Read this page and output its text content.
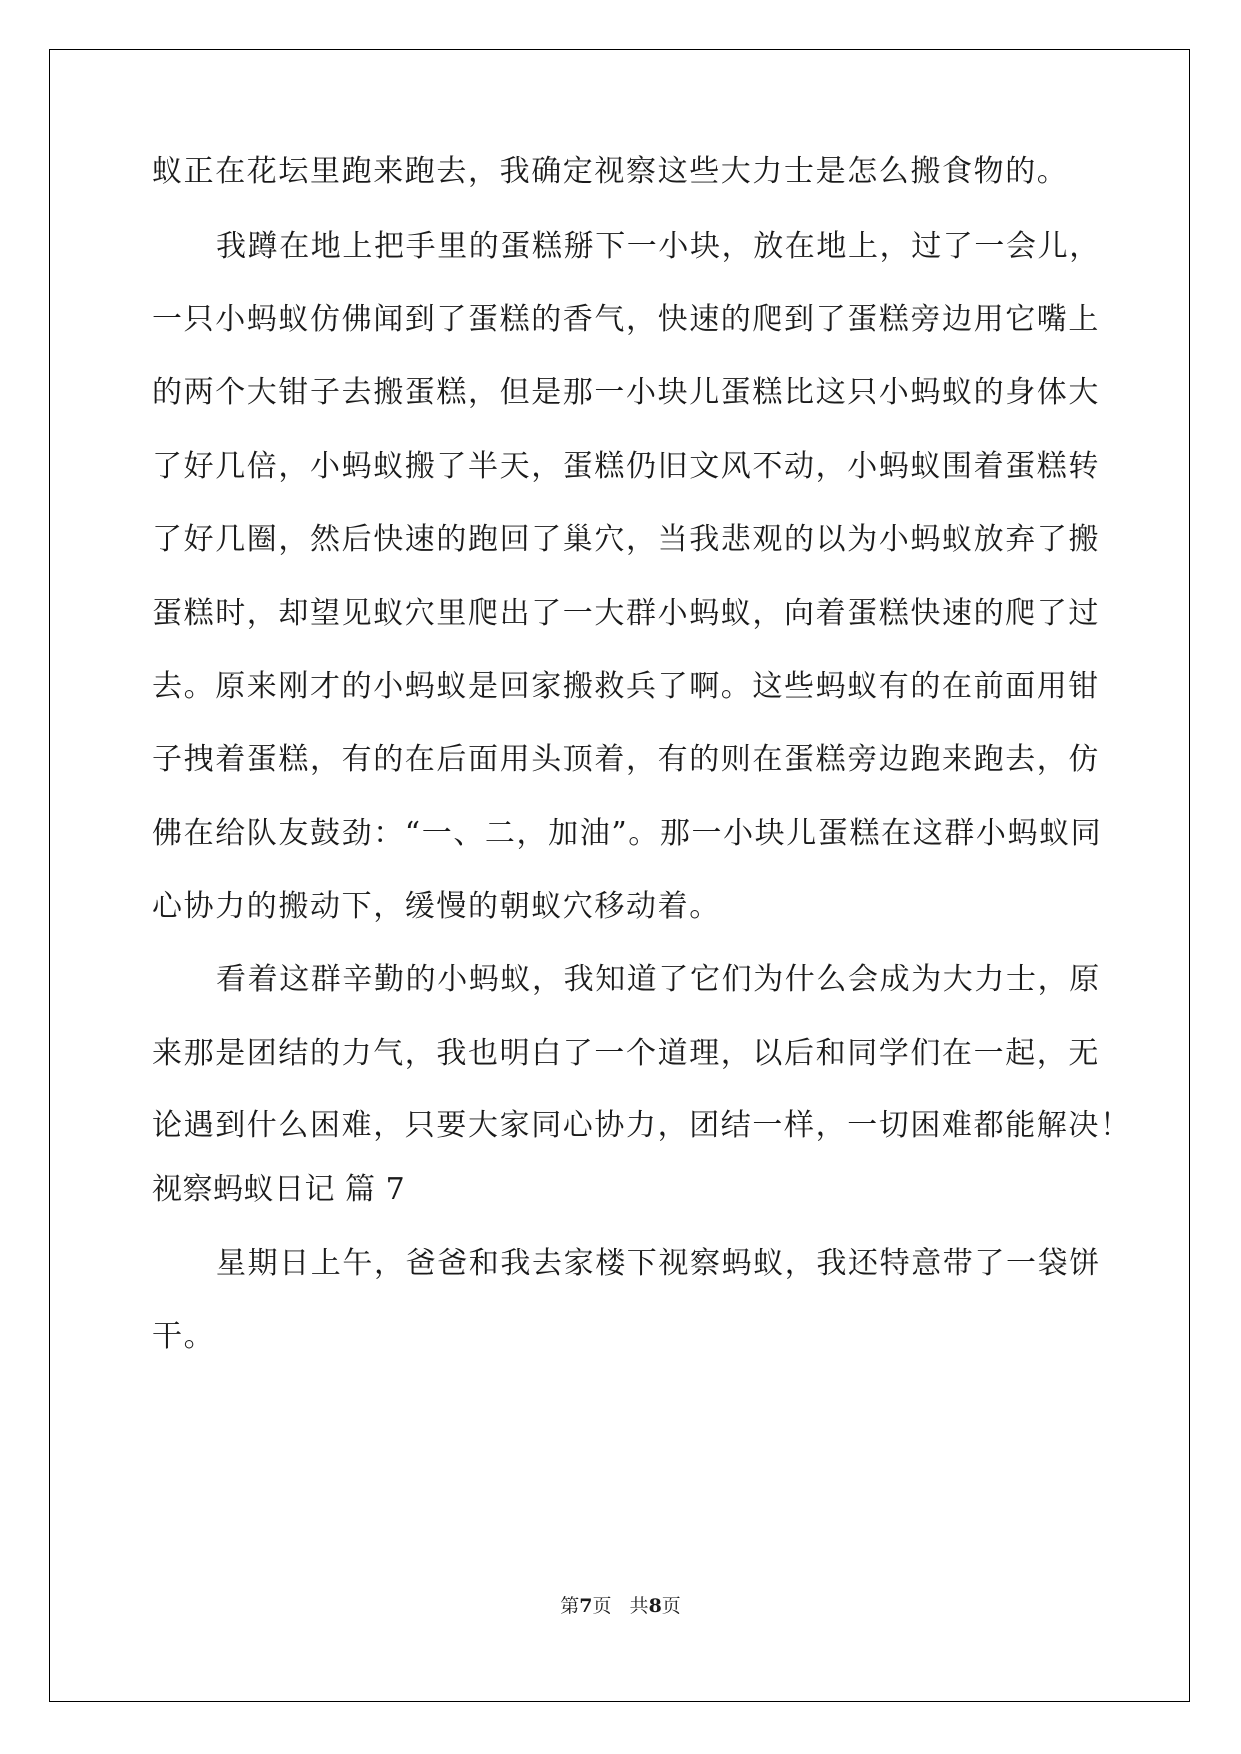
蚁正在花坛里跑来跑去，我确定视察这些大力士是怎么搬食物的。
我蹲在地上把手里的蛋糕掰下一小块，放在地上，过了一会儿，
一只小蚂蚁仿佛闻到了蛋糕的香气，快速的爬到了蛋糕旁边用它嘴上
的两个大钳子去搬蛋糕，但是那一小块儿蛋糕比这只小蚂蚁的身体大
了好几倍，小蚂蚁搬了半天，蛋糕仍旧文风不动，小蚂蚁围着蛋糕转
了好几圈，然后快速的跑回了巢穴，当我悲观的以为小蚂蚁放弃了搬
蛋糕时，却望见蚁穴里爬出了一大群小蚂蚁，向着蛋糕快速的爬了过
去。原来刚才的小蚂蚁是回家搬救兵了啊。这些蚂蚁有的在前面用钳
子拽着蛋糕，有的在后面用头顶着，有的则在蛋糕旁边跑来跑去，仿
佛在给队友鼓劲：“一、二，加油”。那一小块儿蛋糕在这群小蚂蚁同
心协力的搬动下，缓慢的朝蚁穴移动着。
看着这群辛勤的小蚂蚁，我知道了它们为什么会成为大力士，原
来那是团结的力气，我也明白了一个道理，以后和同学们在一起，无
论遇到什么困难，只要大家同心协力，团结一样，一切困难都能解决！
视察蚂蚁日记 篇 7
星期日上午，爸爸和我去家楼下视察蚂蚁，我还特意带了一袋饼
干。
第7页   共8页
